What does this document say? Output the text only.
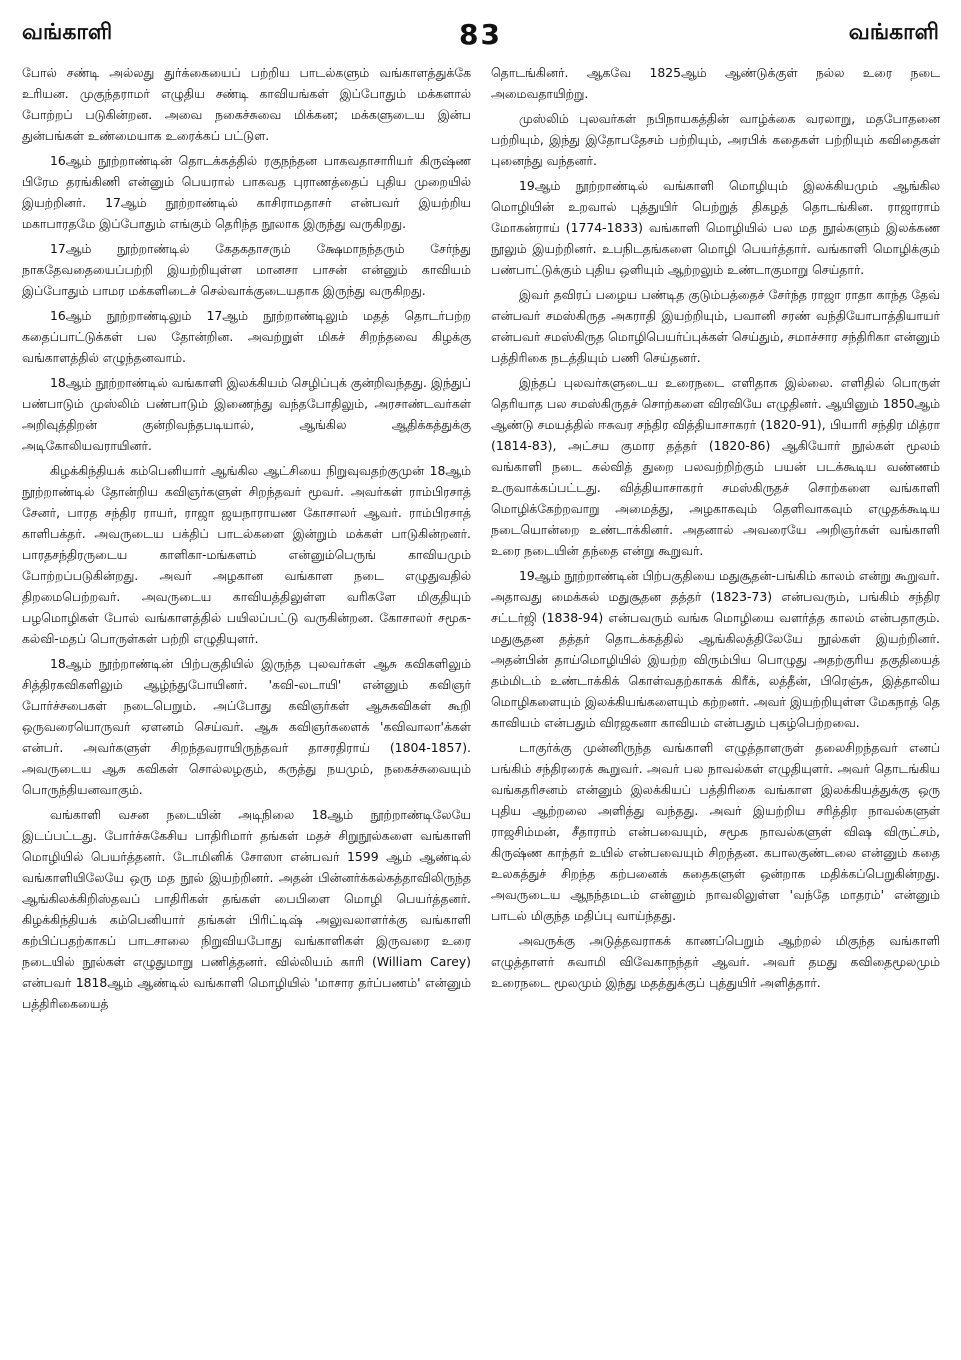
வங்காளி	83	வங்காளி

போல் சண்டி அல்லது துர்க்கையைப் பற்றிய பாடல்களும் வங்காளத்துக்கே உரியன. முகுந்தராமர் எழுதிய சண்டி காவியங்கள் இப்போதும் மக்களால் போற்றப் படுகின்றன. அவை நகைச்சுவை மிக்கன; மக்களுடைய இன்ப துன்பங்கள் உண்மையாக உரைக்கப் பட்டுள.

16ஆம் நூற்றாண்டின் தொடக்கத்தில் ரகுநந்தன பாகவதாசாரியர் கிருஷ்ண பிரேம தரங்கிணி என்னும் பெயரால் பாகவத புராணத்தைப் புதிய முறையில் இயற்றினர். 17ஆம் நூற்றாண்டில் காசிராமதாசர் என்பவர் இயற்றிய மகாபாரதமே இப்போதும் எங்கும் தெரிந்த நூலாக இருந்து வருகிறது.

17ஆம் நூற்றாண்டில் கேதகதாசரும் க்ஷேமாநந்தரும் சேர்ந்து நாகதேவதையைப்பற்றி இயற்றியுள்ள மானசா பாசன் என்னும் காவியம் இப்போதும் பாமர மக்களிடைச் செல்வாக்குடையதாக இருந்து வருகிறது.

16ஆம் நூற்றாண்டிலும் 17ஆம் நூற்றாண்டிலும் மதத் தொடர்பற்ற கதைப்பாட்டுக்கள் பல தோன்றின. அவற்றுள் மிகச் சிறந்தவை கிழக்கு வங்காளத்தில் எழுந்தனவாம்.

18ஆம் நூற்றாண்டில் வங்காளி இலக்கியம் செழிப்புக் குன்றிவந்தது. இந்துப் பண்பாடும் முஸ்லிம் பண்பாடும் இணைந்து வந்தபோதிலும், அரசாண்டவர்கள் அறிவுத்திறன் குன்றிவந்தபடியால், ஆங்கில ஆதிக்கத்துக்கு அடிகோலியவராயினர்.

கிழக்கிந்தியக் கம்பெனியார் ஆங்கில ஆட்சியை நிறுவுவதற்குமுன் 18ஆம் நூற்றாண்டில் தோன்றிய கவிஞர்களுள் சிறந்தவர் மூவர். அவர்கள் ராம்பிரசாத் சேனர், பாரத சந்திர ராயர், ராஜா ஜயநாராயண கோசாலர் ஆவர். ராம்பிரசாத் காளிபக்தர். அவருடைய பக்திப் பாடல்களை இன்றும் மக்கள் பாடுகின்றனர். பாரதசந்திரருடைய காளிகா-மங்களம் என்னும்பெருங் காவியமும் போற்றப்படுகின்றது. அவர் அழகான வங்காள நடை எழுதுவதில் திறமைபெற்றவர். அவருடைய காவியத்திலுள்ள வரிகளே மிகுதியும் பழமொழிகள் போல் வங்காளத்தில் பயிலப்பட்டு வருகின்றன. கோசாலர் சமூக-கல்வி-மதப் பொருள்கள் பற்றி எழுதியுளர்.

18ஆம் நூற்றாண்டின் பிற்பகுதியில் இருந்த புலவர்கள் ஆசு கவிகளிலும் சித்திரகவிகளிலும் ஆழ்ந்துபோயினர். 'கவி-லடாயி' என்னும் கவிஞர் போர்ச்சபைகள் நடைபெறும். அப்போது கவிஞர்கள் ஆசுகவிகள் கூறி ஒருவரையொருவர் ஏளனம் செய்வர். ஆசு கவிஞர்களைக் 'கவிவாலா'க்கள் என்பர். அவர்களுள் சிறந்தவராயிருந்தவர் தாசரதிராய் (1804-1857). அவருடைய ஆசு கவிகள் சொல்லழகும், கருத்து நயமும், நகைச்சுவையும் பொருந்தியனவாகும்.

வங்காளி வசன நடையின் அடிநிலை 18ஆம் நூற்றாண்டிலேயே இடப்பட்டது. போர்ச்சுகேசிய பாதிரிமார் தங்கள் மதச் சிறுநூல்களை வங்காளி மொழியில் பெயர்த்தனர். டோமினிக் சோஸா என்பவர் 1599 ஆம் ஆண்டில் வங்காளியிலேயே ஒரு மத நூல் இயற்றினர். அதன் பின்னர்க்கல்கத்தாவிலிருந்த ஆங்கிலக்கிறிஸ்தவப் பாதிரிகள் தங்கள் பைபிளை மொழி பெயர்த்தனர். கிழக்கிந்தியக் கம்பெனியார் தங்கள் பிரிட்டிஷ் அலுவலாளர்க்கு வங்காளி கற்பிப்பதற்காகப் பாடசாலை நிறுவியபோது வங்காளிகள் இருவரை உரை நடையில் நூல்கள் எழுதுமாறு பணித்தனர். வில்லியம் காரி (William Carey) என்பவர் 1818ஆம் ஆண்டில் வங்காளி மொழியில் 'மாசார தர்ப்பணம்' என்னும் பத்திரிகையைத்

தொடங்கினர். ஆகவே 1825ஆம் ஆண்டுக்குள் நல்ல உரை நடை அமைவதாயிற்று.

முஸ்லிம் புலவர்கள் நபிநாயகத்தின் வாழ்க்கை வரலாறு, மதபோதனை பற்றியும், இந்து இதோபதேசம் பற்றியும், அரபிக் கதைகள் பற்றியும் கவிதைகள் புனைந்து வந்தனர்.

19ஆம் நூற்றாண்டில் வங்காளி மொழியும் இலக்கியமும் ஆங்கில மொழியின் உறவால் புத்துயிர் பெற்றுத் திகழத் தொடங்கின. ராஜாராம் மோகன்ராய் (1774-1833) வங்காளி மொழியில் பல மத நூல்களும் இலக்கண நூலும் இயற்றினர். உபநிடதங்களை மொழி பெயர்த்தார். வங்காளி மொழிக்கும் பண்பாட்டுக்கும் புதிய ஒளியும் ஆற்றலும் உண்டாகுமாறு செய்தார்.

இவர் தவிரப் பழைய பண்டித குடும்பத்தைச் சேர்ந்த ராஜா ராதா காந்த தேவ் என்பவர் சமஸ்கிருத அகராதி இயற்றியும், பவானி சரண் வந்தியோபாத்தியாயர் என்பவர் சமஸ்கிருத மொழிபெயர்ப்புக்கள் செய்தும், சமாச்சார சந்திரிகா என்னும் பத்திரிகை நடத்தியும் பணி செய்தனர்.

இந்தப் புலவர்களுடைய உரைநடை எளிதாக இல்லை. எளிதில் பொருள் தெரியாத பல சமஸ்கிருதச் சொற்களை விரவியே எழுதினர். ஆயினும் 1850ஆம் ஆண்டு சமயத்தில் ஈசுவர சந்திர வித்தியாசாகரர் (1820-91), பியாரி சந்திர மித்ரா (1814-83), அட்சய குமார தத்தர் (1820-86) ஆகியோர் நூல்கள் மூலம் வங்காளி நடை கல்வித் துறை பலவற்றிற்கும் பயன் படக்கூடிய வண்ணம் உருவாக்கப்பட்டது. வித்தியாசாகரர் சமஸ்கிருதச் சொற்களை வங்காளி மொழிக்கேற்றவாறு அமைத்து, அழகாகவும் தெளிவாகவும் எழுதக்கூடிய நடையொன்றை உண்டாக்கினர். அதனால் அவரையே அறிஞர்கள் வங்காளி உரை நடையின் தந்தை என்று கூறுவர்.

19ஆம் நூற்றாண்டின் பிற்பகுதியை மதுசூதன்-பங்கிம் காலம் என்று கூறுவர். அதாவது மைக்கல் மதுசூதன தத்தர் (1823-73) என்பவரும், பங்கிம் சந்திர சட்டர்ஜி (1838-94) என்பவரும் வங்க மொழியை வளர்த்த காலம் என்பதாகும். மதுசூதன தத்தர் தொடக்கத்தில் ஆங்கிலத்திலேயே நூல்கள் இயற்றினர். அதன்பின் தாய்மொழியில் இயற்ற விரும்பிய பொழுது அதற்குரிய தகுதியைத் தம்மிடம் உண்டாக்கிக் கொள்வதற்காகக் கிரீக், லத்தீன், பிரெஞ்சு, இத்தாலிய மொழிகளையும் இலக்கியங்களையும் கற்றனர். அவர் இயற்றியுள்ள மேகநாத் தெ காவியம் என்பதும் விரஜகனா காவியம் என்பதும் புகழ்பெற்றவை.

டாகுர்க்கு முன்னிருந்த வங்காளி எழுத்தாளருள் தலைசிறந்தவர் எனப் பங்கிம் சந்திரரைக் கூறுவர். அவர் பல நாவல்கள் எழுதியுளர். அவர் தொடங்கிய வங்கதரிசனம் என்னும் இலக்கியப் பத்திரிகை வங்காள இலக்கியத்துக்கு ஒரு புதிய ஆற்றலை அளித்து வந்தது. அவர் இயற்றிய சரித்திர நாவல்களுள் ராஜசிம்மன், சீதாராம் என்பவையும், சமூக நாவல்களுள் விஷ விருட்சம், கிருஷ்ண காந்தர் உயில் என்பவையும் சிறந்தன. கபாலகுண்டலை என்னும் கதை உலகத்துச் சிறந்த கற்பனைக் கதைகளுள் ஒன்றாக மதிக்கப்பெறுகின்றது. அவருடைய ஆநந்தமடம் என்னும் நாவலிலுள்ள 'வந்தே மாதரம்' என்னும் பாடல் மிகுந்த மதிப்பு வாய்ந்தது.

அவருக்கு அடுத்தவராகக் காணப்பெறும் ஆற்றல் மிகுந்த வங்காளி எழுத்தாளர் சுவாமி விவேகாநந்தர் ஆவர். அவர் தமது கவிதைமூலமும் உரைநடை மூலமும் இந்து மதத்துக்குப் புத்துயிர் அளித்தார்.
